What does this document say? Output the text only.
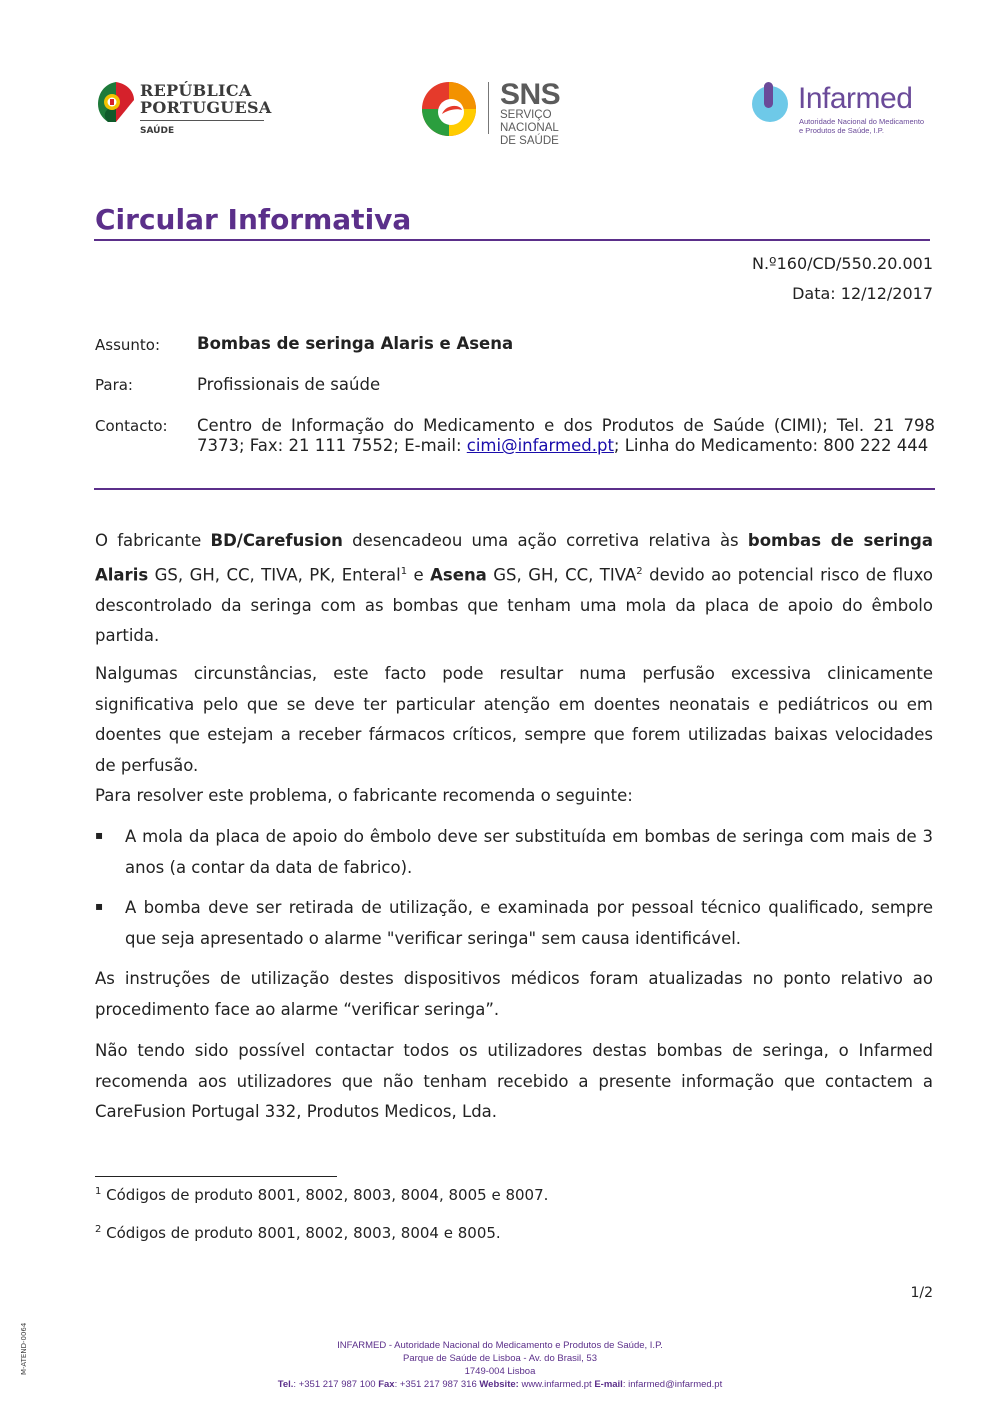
REPÚBLICA
PORTUGUESA
SAÚDE
SNS
SERVIÇO NACIONAL
DE SAÚDE
Infarmed
Autoridade Nacional do Medicamento
e Produtos de Saúde, I.P.
Circular Informativa
N.º160/CD/550.20.001
Data: 12/12/2017
Assunto: Bombas de seringa Alaris e Asena
Para:	Profissionais de saúde
Contacto: Centro de Informação do Medicamento e dos Produtos de Saúde (CIMI); Tel. 21 798 7373; Fax: 21 111 7552; E-mail: cimi@infarmed.pt; Linha do Medicamento: 800 222 444
O fabricante BD/Carefusion desencadeou uma ação corretiva relativa às bombas de seringa Alaris GS, GH, CC, TIVA, PK, Enteral$^1$ e Asena GS, GH, CC, TIVA$^2$ devido ao potencial risco de fluxo descontrolado da seringa com as bombas que tenham uma mola da placa de apoio do êmbolo partida.
Nalgumas circunstâncias, este facto pode resultar numa perfusão excessiva clinicamente significativa pelo que se deve ter particular atenção em doentes neonatais e pediátricos ou em doentes que estejam a receber fármacos críticos, sempre que forem utilizadas baixas velocidades de perfusão.
Para resolver este problema, o fabricante recomenda o seguinte:
▪ A mola da placa de apoio do êmbolo deve ser substituída em bombas de seringa com mais de 3 anos (a contar da data de fabrico).
▪ A bomba deve ser retirada de utilização, e examinada por pessoal técnico qualificado, sempre que seja apresentado o alarme "verificar seringa" sem causa identificável.
As instruções de utilização destes dispositivos médicos foram atualizadas no ponto relativo ao procedimento face ao alarme “verificar seringa”.
Não tendo sido possível contactar todos os utilizadores destas bombas de seringa, o Infarmed recomenda aos utilizadores que não tenham recebido a presente informação que contactem a CareFusion Portugal 332, Produtos Medicos, Lda.
$^1$ Códigos de produto 8001, 8002, 8003, 8004, 8005 e 8007.
$^2$ Códigos de produto 8001, 8002, 8003, 8004 e 8005.
1/2
M-ATEND-0064	INFARMED - Autoridade Nacional do Medicamento e Produtos de Saúde, I.P.
Parque de Saúde de Lisboa - Av. do Brasil, 53
1749-004 Lisboa
Tel.: +351 217 987 100 Fax: +351 217 987 316 Website: www.infarmed.pt E-mail: infarmed@infarmed.pt
